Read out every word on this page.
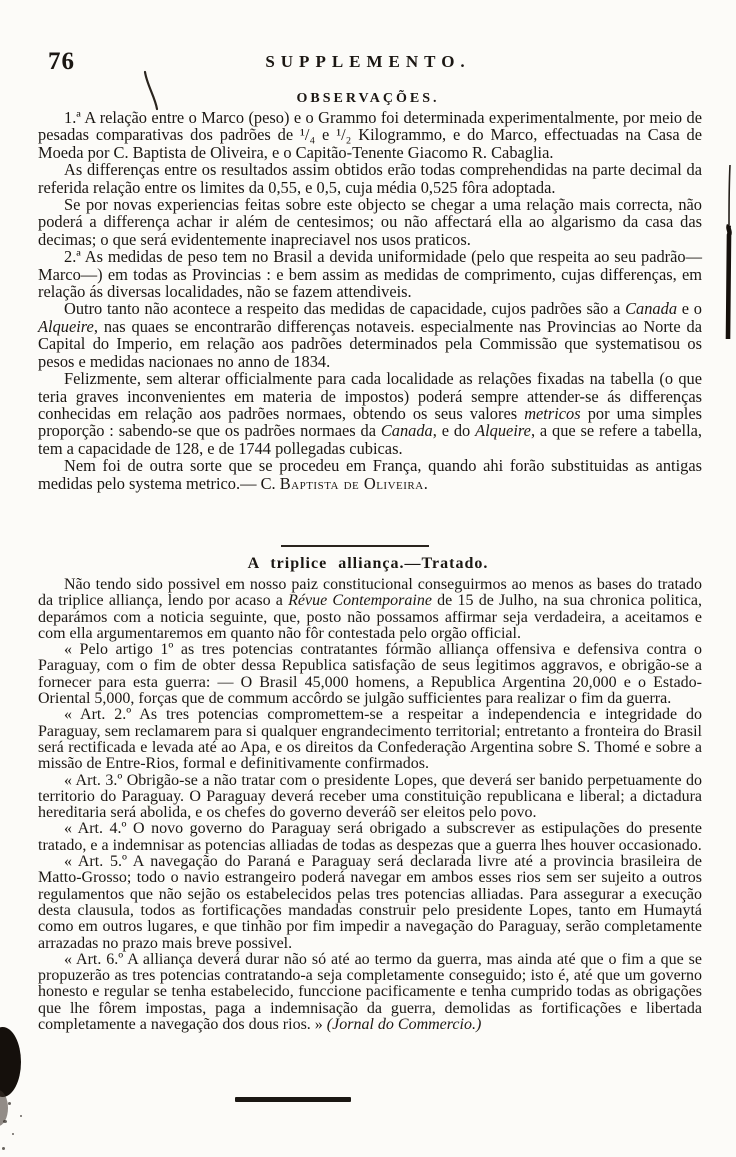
76	SUPPLEMENTO.
OBSERVAÇÕES.

1.ª A relação entre o Marco (peso) e o Grammo foi determinada experimentalmente, por meio de pesadas comparativas dos padrões de ¹/₄ e ¹/₂ Kilogrammo, e do Marco, effectuadas na Casa de Moeda por C. Baptista de Oliveira, e o Capitão-Tenente Giacomo R. Cabaglia.

As differenças entre os resultados assim obtidos erão todas comprehendidas na parte decimal da referida relação entre os limites da 0,55, e 0,5, cuja média 0,525 fôra adoptada.

Se por novas experiencias feitas sobre este objecto se chegar a uma relação mais correcta, não poderá a differença achar ir além de centesimos; ou não affectará ella ao algarismo da casa das decimas; o que será evidentemente inapreciavel nos usos praticos.

2.ª As medidas de peso tem no Brasil a devida uniformidade (pelo que respeita ao seu padrão—Marco—) em todas as Provincias : e bem assim as medidas de comprimento, cujas differenças, em relação ás diversas localidades, não se fazem attendiveis.

Outro tanto não acontece a respeito das medidas de capacidade, cujos padrões são a Canada e o Alqueire, nas quaes se encontrarão differenças notaveis. especialmente nas Provincias ao Norte da Capital do Imperio, em relação aos padrões determinados pela Commissão que systematisou os pesos e medidas nacionaes no anno de 1834.

Felizmente, sem alterar officialmente para cada localidade as relações fixadas na tabella (o que teria graves inconvenientes em materia de impostos) poderá sempre attender-se ás differenças conhecidas em relação aos padrões normaes, obtendo os seus valores metricos por uma simples proporção : sabendo-se que os padrões normaes da Canada, e do Alqueire, a que se refere a tabella, tem a capacidade de 128, e de 1744 pollegadas cubicas.

Nem foi de outra sorte que se procedeu em França, quando ahi forão substituidas as antigas medidas pelo systema metrico.— C. Baptista de Oliveira.

A triplice alliança.—Tratado.

Não tendo sido possivel em nosso paiz constitucional conseguirmos ao menos as bases do tratado da triplice alliança, lendo por acaso a Révue Contemporaine de 15 de Julho, na sua chronica politica, deparámos com a noticia seguinte, que, posto não possamos affirmar seja verdadeira, a aceitamos e com ella argumentaremos em quanto não fôr contestada pelo orgão official.

« Pelo artigo 1º as tres potencias contratantes fórmão alliança offensiva e defensiva contra o Paraguay, com o fim de obter dessa Republica satisfação de seus legitimos aggravos, e obrigão-se a fornecer para esta guerra: — O Brasil 45,000 homens, a Republica Argentina 20,000 e o Estado-Oriental 5,000, forças que de commum accôrdo se julgão sufficientes para realizar o fim da guerra.

« Art. 2.º As tres potencias compromettem-se a respeitar a independencia e integridade do Paraguay, sem reclamarem para si qualquer engrandecimento territorial; entretanto a fronteira do Brasil será rectificada e levada até ao Apa, e os direitos da Confederação Argentina sobre S. Thomé e sobre a missão de Entre-Rios, formal e definitivamente confirmados.

« Art. 3.º Obrigão-se a não tratar com o presidente Lopes, que deverá ser banido perpetuamente do territorio do Paraguay. O Paraguay deverá receber uma constituição republicana e liberal; a dictadura hereditaria será abolida, e os chefes do governo deveráõ ser eleitos pelo povo.

« Art. 4.º O novo governo do Paraguay será obrigado a subscrever as estipulações do presente tratado, e a indemnisar as potencias alliadas de todas as despezas que a guerra lhes houver occasionado.

« Art. 5.º A navegação do Paraná e Paraguay será declarada livre até a provincia brasileira de Matto-Grosso; todo o navio estrangeiro poderá navegar em ambos esses rios sem ser sujeito a outros regulamentos que não sejão os estabelecidos pelas tres potencias alliadas. Para assegurar a execução desta clausula, todos as fortificações mandadas construir pelo presidente Lopes, tanto em Humaytá como em outros lugares, e que tinhão por fim impedir a navegação do Paraguay, serão completamente arrazadas no prazo mais breve possivel.

« Art. 6.º A alliança deverá durar não só até ao termo da guerra, mas ainda até que o fim a que se propuzerão as tres potencias contratando-a seja completamente conseguido; isto é, até que um governo honesto e regular se tenha estabelecido, funccione pacificamente e tenha cumprido todas as obrigações que lhe fôrem impostas, paga a indemnisação da guerra, demolidas as fortificações e libertada completamente a navegação dos dous rios. » (Jornal do Commercio.)
